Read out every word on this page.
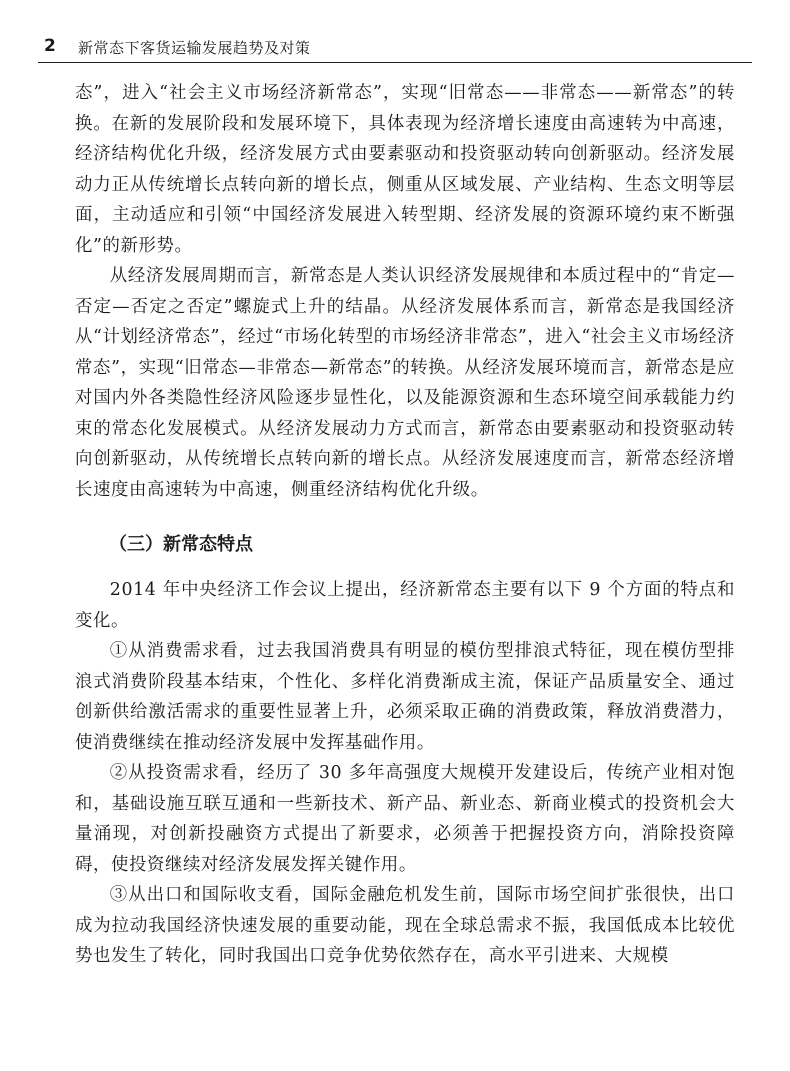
2 新常态下客货运输发展趋势及对策

态”，进入“社会主义市场经济新常态”，实现“旧常态——非常态——新常态”的转换。在新的发展阶段和发展环境下，具体表现为经济增长速度由高速转为中高速，经济结构优化升级，经济发展方式由要素驱动和投资驱动转向创新驱动。经济发展动力正从传统增长点转向新的增长点，侧重从区域发展、产业结构、生态文明等层面，主动适应和引领“中国经济发展进入转型期、经济发展的资源环境约束不断强化”的新形势。

从经济发展周期而言，新常态是人类认识经济发展规律和本质过程中的“肯定—否定—否定之否定”螺旋式上升的结晶。从经济发展体系而言，新常态是我国经济从“计划经济常态”，经过“市场化转型的市场经济非常态”，进入“社会主义市场经济常态”，实现“旧常态—非常态—新常态”的转换。从经济发展环境而言，新常态是应对国内外各类隐性经济风险逐步显性化，以及能源资源和生态环境空间承载能力约束的常态化发展模式。从经济发展动力方式而言，新常态由要素驱动和投资驱动转向创新驱动，从传统增长点转向新的增长点。从经济发展速度而言，新常态经济增长速度由高速转为中高速，侧重经济结构优化升级。

（三）新常态特点

2014 年中央经济工作会议上提出，经济新常态主要有以下 9 个方面的特点和变化。

①从消费需求看，过去我国消费具有明显的模仿型排浪式特征，现在模仿型排浪式消费阶段基本结束，个性化、多样化消费渐成主流，保证产品质量安全、通过创新供给激活需求的重要性显著上升，必须采取正确的消费政策，释放消费潜力，使消费继续在推动经济发展中发挥基础作用。

②从投资需求看，经历了 30 多年高强度大规模开发建设后，传统产业相对饱和，基础设施互联互通和一些新技术、新产品、新业态、新商业模式的投资机会大量涌现，对创新投融资方式提出了新要求，必须善于把握投资方向，消除投资障碍，使投资继续对经济发展发挥关键作用。

③从出口和国际收支看，国际金融危机发生前，国际市场空间扩张很快，出口成为拉动我国经济快速发展的重要动能，现在全球总需求不振，我国低成本比较优势也发生了转化，同时我国出口竞争优势依然存在，高水平引进来、大规模
